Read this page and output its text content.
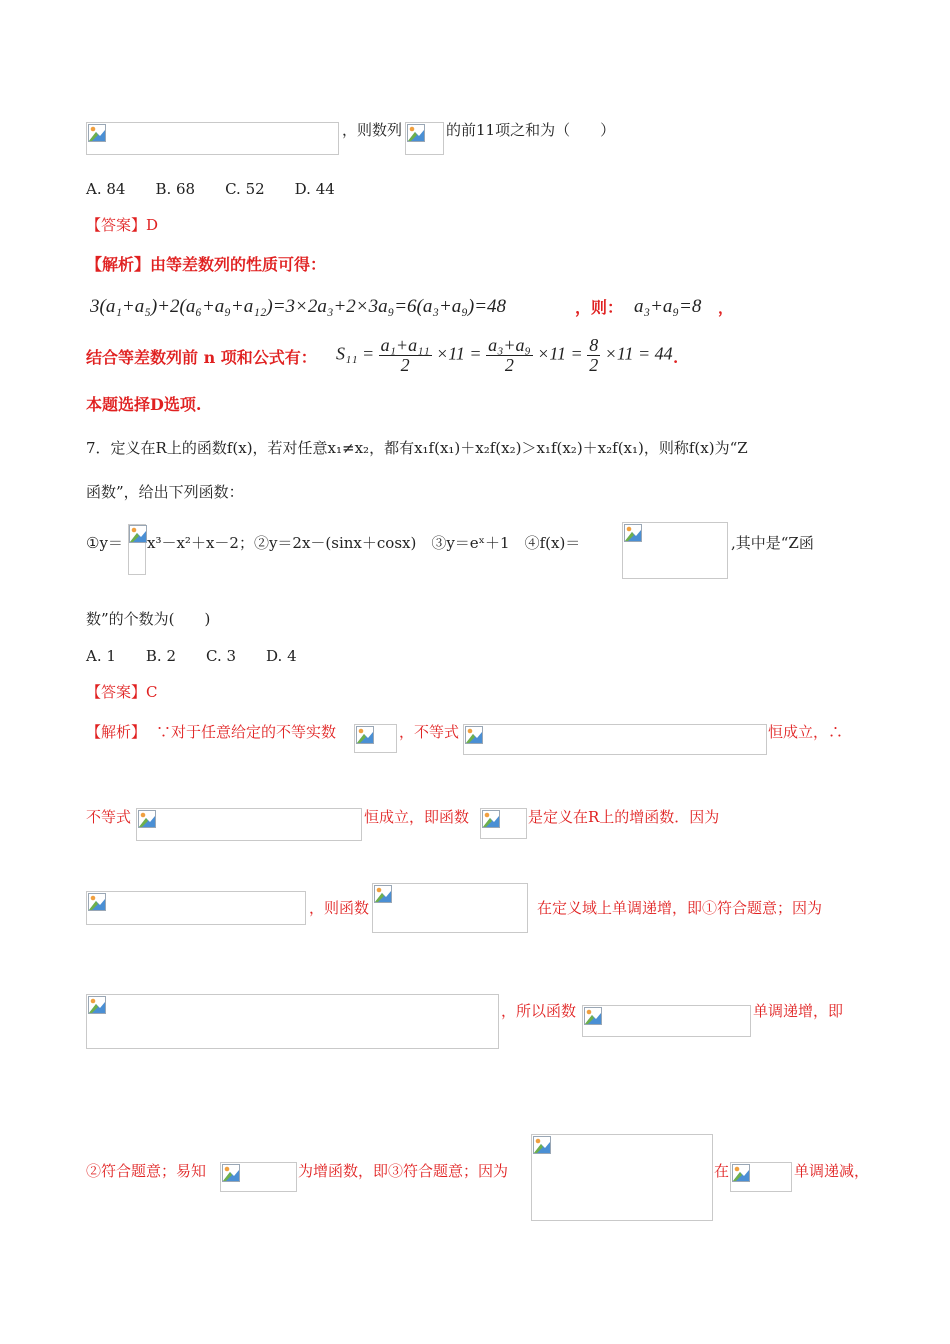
，则数列	的前11项之和为（　　）
A. 84　　B. 68　　C. 52　　D. 44
【答案】D
【解析】由等差数列的性质可得：
3(a₁+a₅)+2(a₆+a₉+a₁₂)=3×2a₃+2×3a₉=6(a₃+a₉)=48	，则： a₃+a₉=8 ，
结合等差数列前 n 项和公式有： $S_{11} = \frac{\text{a₁+a₁₁}}{2} \times 11 = \frac{\text{a₃+a₉}}{2} \times 11 = \frac{8}{2} \times 11 = 44$ .
本题选择D选项.
7．定义在R上的函数f(x)，若对任意x₁≠x₂，都有x₁f(x₁)＋x₂f(x₂)＞x₁f(x₂)＋x₂f(x₁)，则称f(x)为“Z
函数”，给出下列函数：
①y＝ x³－x²＋x－2；②y＝2x－(sinx＋cosx)　③y＝eˣ＋1　④f(x)＝	,其中是“Z函
数”的个数为(　　)
A. 1　　B. 2　　C. 3　　D. 4
【答案】C
【解析】 ∵对于任意给定的不等实数	，不等式	恒成立，∴
不等式	恒成立，即函数	是定义在R上的增函数．因为
，则函数	在定义域上单调递增，即①符合题意；因为
，所以函数	单调递增，即
②符合题意；易知	为增函数，即③符合题意；因为	在	单调递减，
